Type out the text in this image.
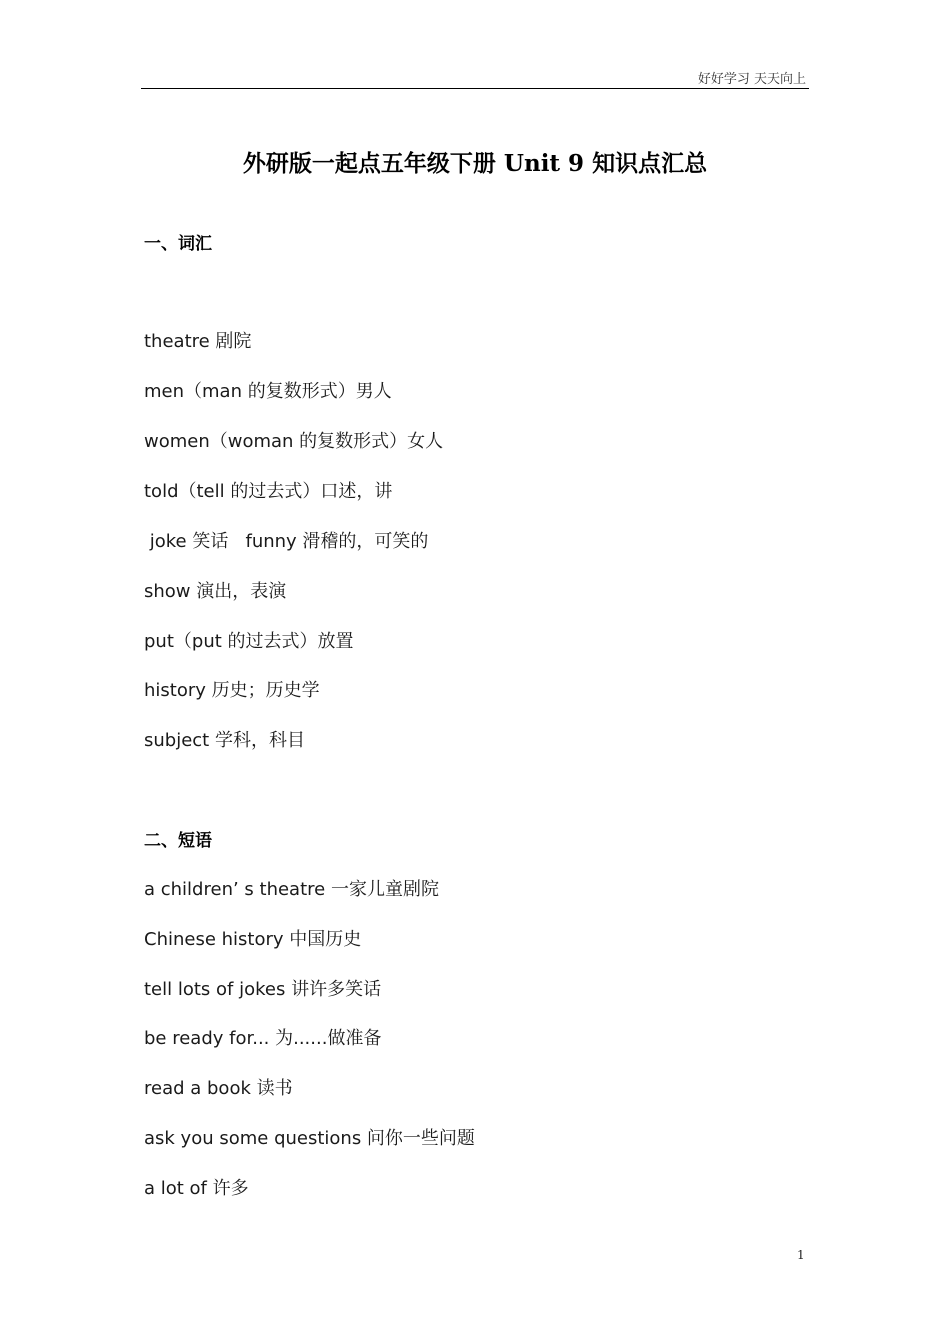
好好学习 天天向上
外研版一起点五年级下册 Unit 9 知识点汇总
一、词汇
theatre 剧院
men（man 的复数形式）男人
women（woman 的复数形式）女人
told（tell 的过去式）口述，讲
joke 笑话   funny 滑稽的，可笑的
show 演出，表演
put（put 的过去式）放置
history 历史；历史学
subject 学科，科目
二、短语
a children’ s theatre 一家儿童剧院
Chinese history 中国历史
tell lots of jokes 讲许多笑话
be ready for... 为......做准备
read a book 读书
ask you some questions 问你一些问题
a lot of 许多
1
